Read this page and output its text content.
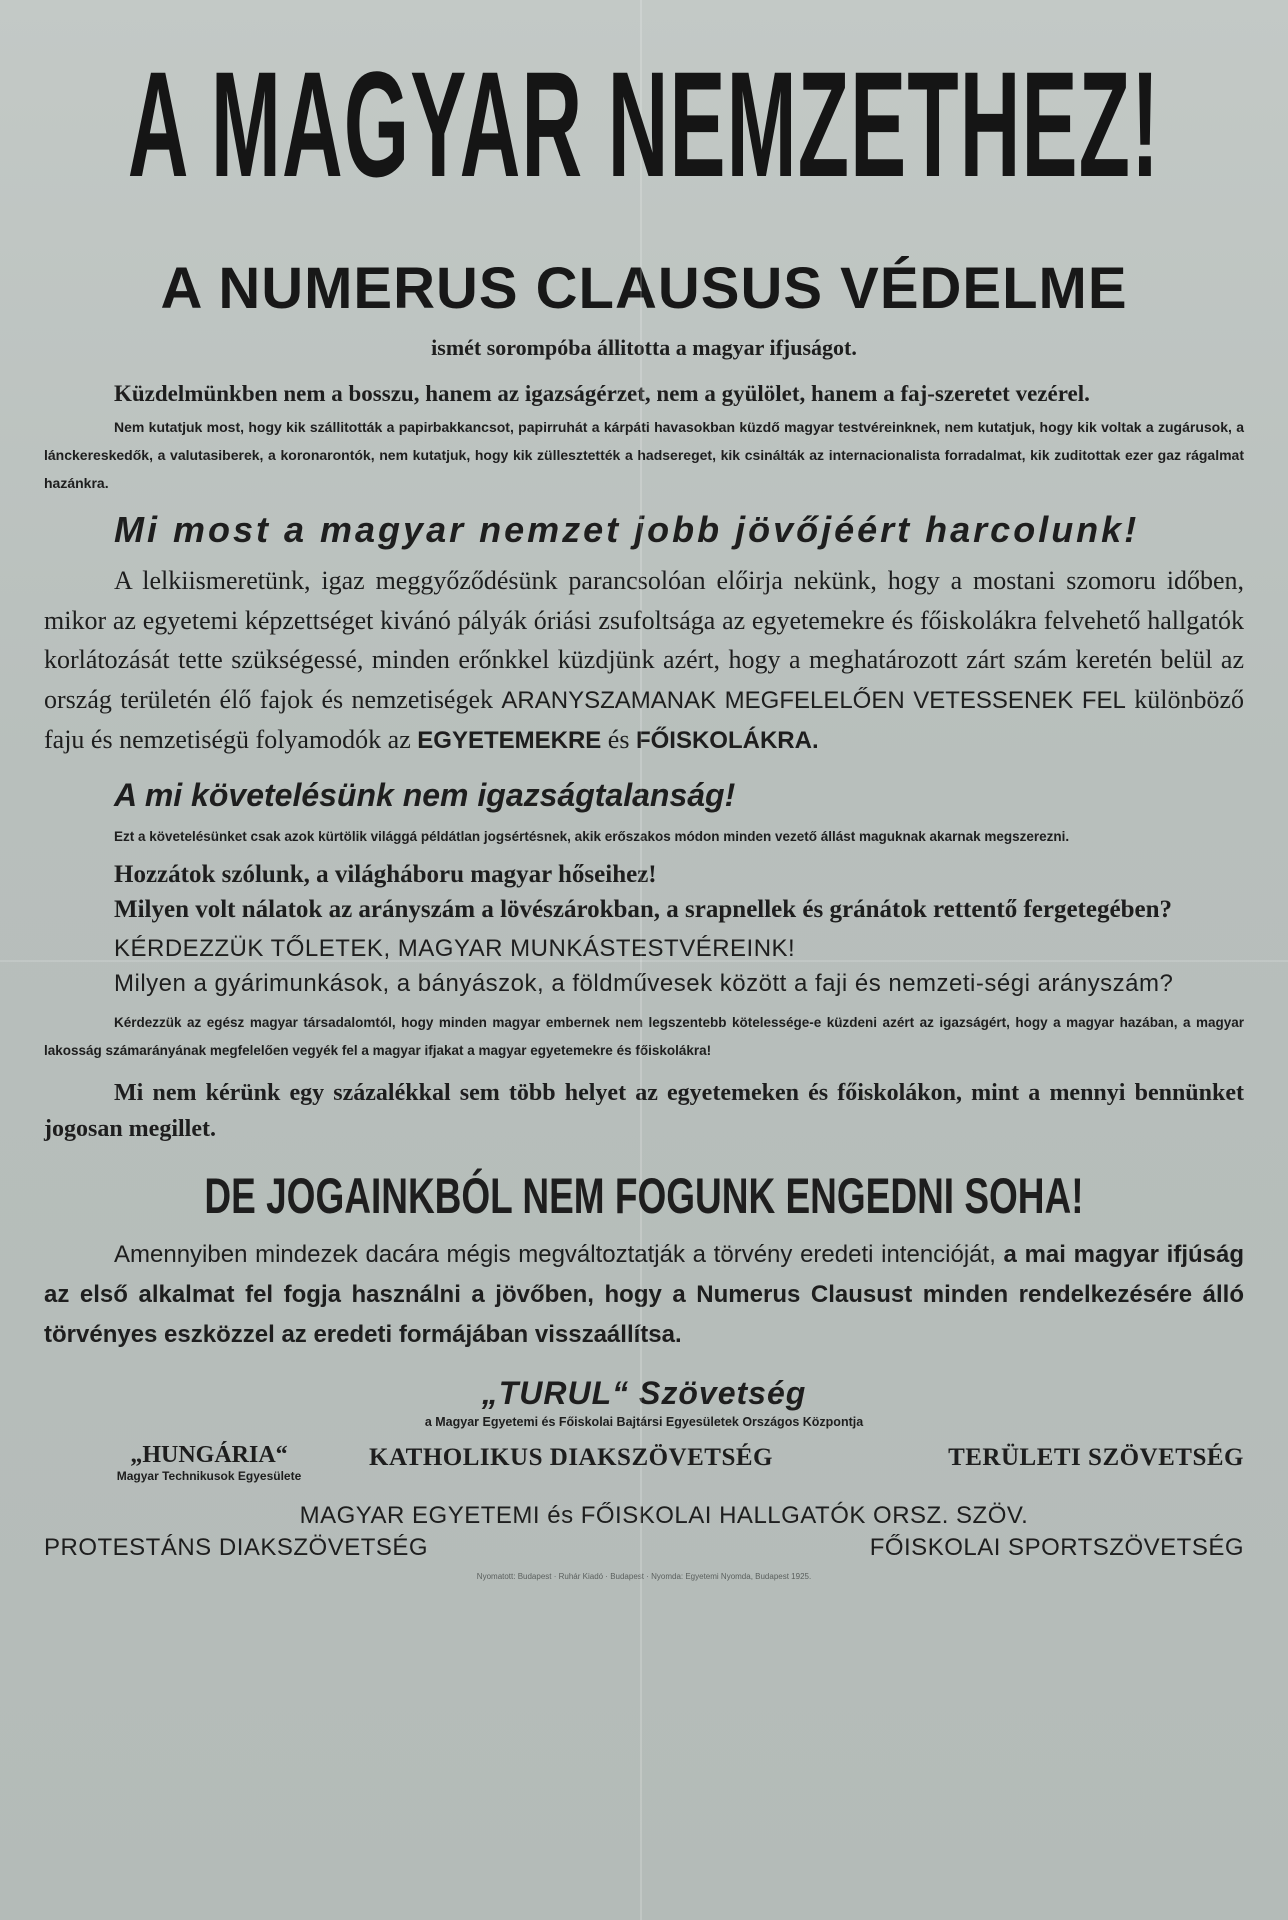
A MAGYAR NEMZETHEZ!
A NUMERUS CLAUSUS VÉDELME
ismét sorompóba állitotta a magyar ifjuságot.

Küzdelmünkben nem a bosszu, hanem az igazságérzet, nem a gyülölet, hanem a faj-szeretet vezérel.

Nem kutatjuk most, hogy kik szállitották a papirbakkancsot, papirruhát a kárpáti havasokban küzdő magyar testvéreinknek, nem kutatjuk, hogy kik voltak a zugárusok, a lánckereskedők, a valutasiberek, a koronarontók, nem kutatjuk, hogy kik züllesztették a hadsereget, kik csinálták az internacionalista forradalmat, kik zuditottak ezer gaz rágalmat hazánkra.

Mi most a magyar nemzet jobb jövőjéért harcolunk!

A lelkiismeretünk, igaz meggyőződésünk parancsolóan előirja nekünk, hogy a mostani szomoru időben, mikor az egyetemi képzettséget kivánó pályák óriási zsufoltsága az egyetemekre és főiskolákra felvehető hallgatók korlátozását tette szükségessé, minden erőnkkel küzdjünk azért, hogy a meghatározott zárt szám keretén belül az ország területén élő fajok és nemzetiségek ARANYSZAMANAK MEGFELELŐEN VETESSENEK FEL különböző faju és nemzetiségü folyamodók az EGYETEMEKRE és FŐISKOLÁKRA.

A mi követelésünk nem igazságtalanság!

Ezt a követelésünket csak azok kürtölik világgá példátlan jogsértésnek, akik erőszakos módon minden vezető állást maguknak akarnak megszerezni.

Hozzátok szólunk, a világháboru magyar hőseihez!

Milyen volt nálatok az arányszám a lövészárokban, a srapnellek és gránátok rettentő fergetegében?

KÉRDEZZÜK TŐLETEK, MAGYAR MUNKÁSTESTVÉREINK!

Milyen a gyárimunkások, a bányászok, a földművesek között a faji és nemzeti-ségi arányszám?

Kérdezzük az egész magyar társadalomtól, hogy minden magyar embernek nem legszentebb kötelessége-e küzdeni azért az igazságért, hogy a magyar hazában, a magyar lakosság számarányának megfelelően vegyék fel a magyar ifjakat a magyar egyetemekre és főiskolákra!

Mi nem kérünk egy százalékkal sem több helyet az egyetemeken és főiskolákon, mint a mennyi bennünket jogosan megillet.

DE JOGAINKBÓL NEM FOGUNK ENGEDNI SOHA!

Amennyiben mindezek dacára mégis megváltoztatják a törvény eredeti intencióját, a mai magyar ifjúság az első alkalmat fel fogja használni a jövőben, hogy a Numerus Clausust minden rendelkezésére álló törvényes eszközzel az eredeti formájában visszaállítsa.

„TURUL“ Szövetség
a Magyar Egyetemi és Főiskolai Bajtársi Egyesületek Országos Központja
„HUNGÁRIA“
Magyar Technikusok Egyesülete
KATHOLIKUS DIAKSZÖVETSÉG	TERÜLETI SZÖVETSÉG
MAGYAR EGYETEMI és FŐISKOLAI HALLGATÓK ORSZ. SZÖV.
PROTESTÁNS DIAKSZÖVETSÉG	FŐISKOLAI SPORTSZÖVETSÉG
Nyomatott: Budapest · Ruhár Kiadó · Budapest · Nyomda: Egyetemi Nyomda, Budapest 1925.
